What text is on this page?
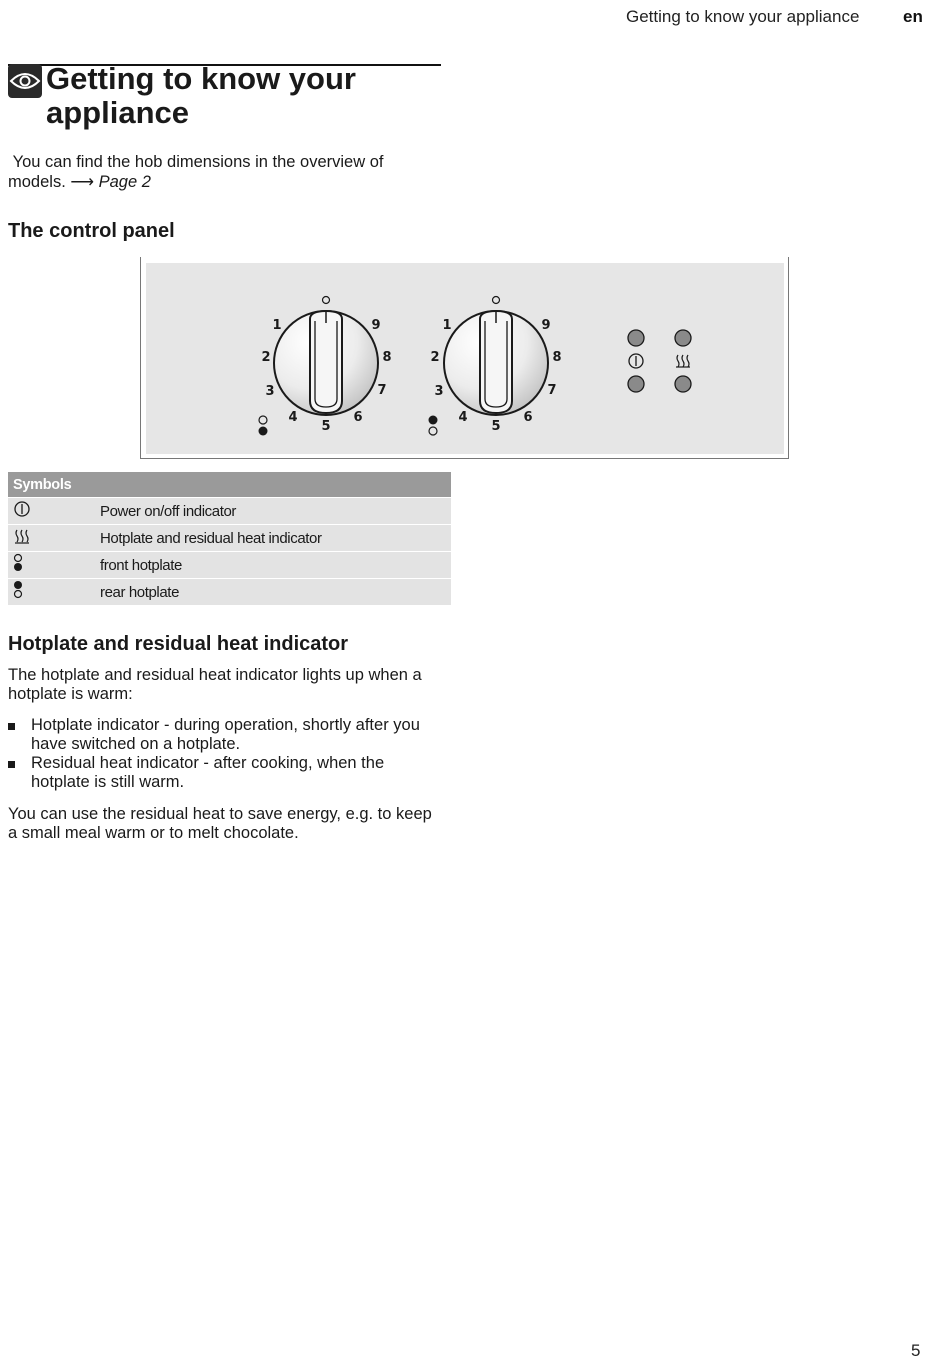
Getting to know your appliance	en
Getting to know your appliance
You can find the hob dimensions in the overview of models. ⟶ Page 2
The control panel
1
2
3
4
5
6
7
8
9	1
2
3
4
5
6
7
8
9
Symbols	
	Power on/off indicator
	Hotplate and residual heat indicator
	front hotplate
	rear hotplate
Hotplate and residual heat indicator
The hotplate and residual heat indicator lights up when a hotplate is warm:
Hotplate indicator - during operation, shortly after you have switched on a hotplate.
Residual heat indicator - after cooking, when the hotplate is still warm.
You can use the residual heat to save energy, e.g. to keep a small meal warm or to melt chocolate.
5
